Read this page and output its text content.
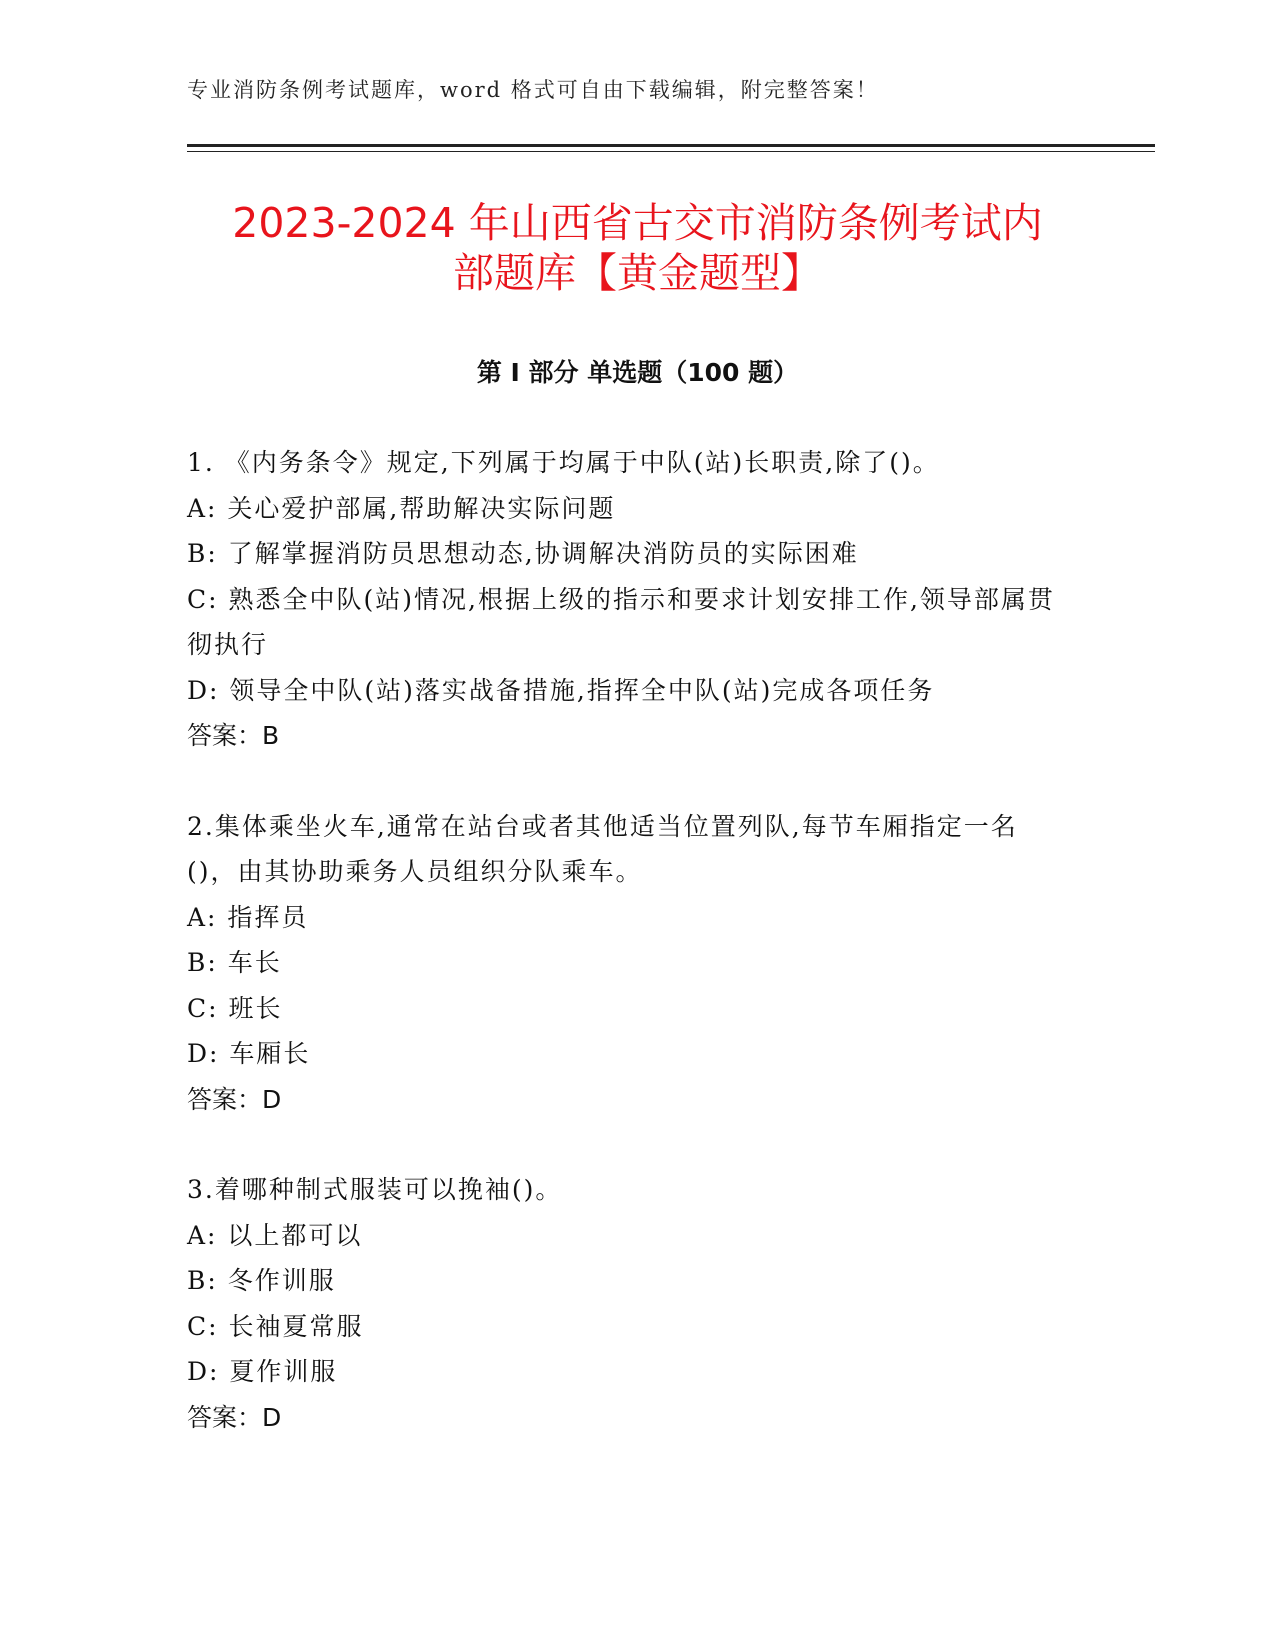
专业消防条例考试题库，word 格式可自由下载编辑，附完整答案！
2023-2024 年山西省古交市消防条例考试内
部题库【黄金题型】
第 I 部分 单选题（100 题）

1. 《内务条令》规定,下列属于均属于中队(站)长职责,除了()。

A: 关心爱护部属,帮助解决实际问题

B: 了解掌握消防员思想动态,协调解决消防员的实际困难

C: 熟悉全中队(站)情况,根据上级的指示和要求计划安排工作,领导部属贯彻执行

D: 领导全中队(站)落实战备措施,指挥全中队(站)完成各项任务

答案：B

2.集体乘坐火车,通常在站台或者其他适当位置列队,每节车厢指定一名()，由其协助乘务人员组织分队乘车。

A: 指挥员

B: 车长

C: 班长

D: 车厢长

答案：D

3.着哪种制式服装可以挽袖()。

A: 以上都可以

B: 冬作训服

C: 长袖夏常服

D: 夏作训服

答案：D
